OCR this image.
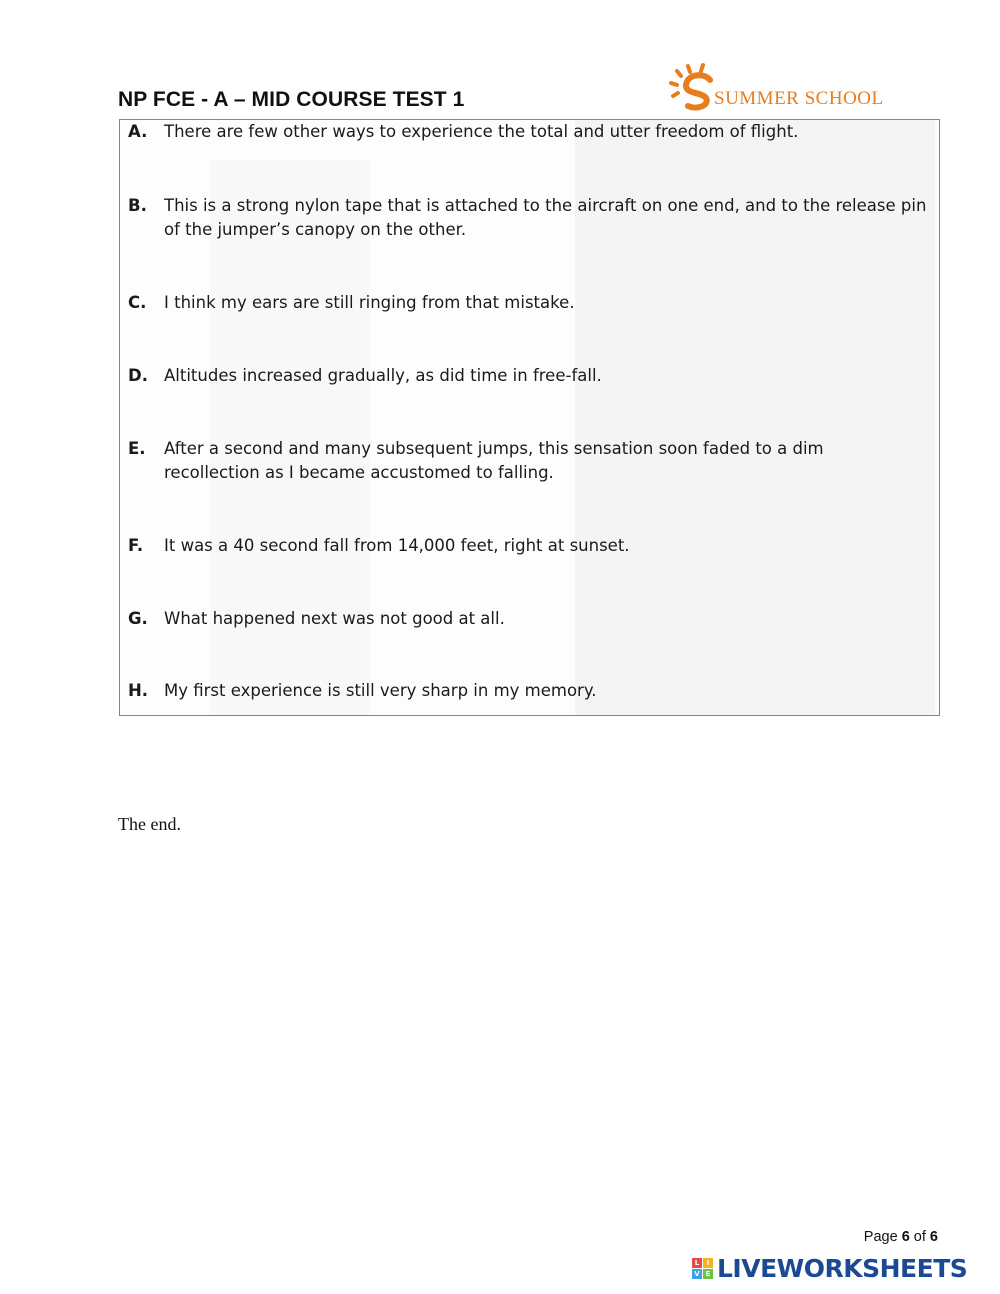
NP FCE - A – MID COURSE TEST 1	SUMMER SCHOOL
A.	There are few other ways to experience the total and utter freedom of flight.
B.	This is a strong nylon tape that is attached to the aircraft on one end, and to the release pin of the jumper’s canopy on the other.
C.	I think my ears are still ringing from that mistake.
D. Altitudes increased gradually, as did time in free-fall.
E.	After a second and many subsequent jumps, this sensation soon faded to a dim recollection as I became accustomed to falling.
F.	It was a 40 second fall from 14,000 feet, right at sunset.
G. What happened next was not good at all.
H. My first experience is still very sharp in my memory.
The end.
Page 6 of 6
L	I
V E LIVEWORKSHEETS
